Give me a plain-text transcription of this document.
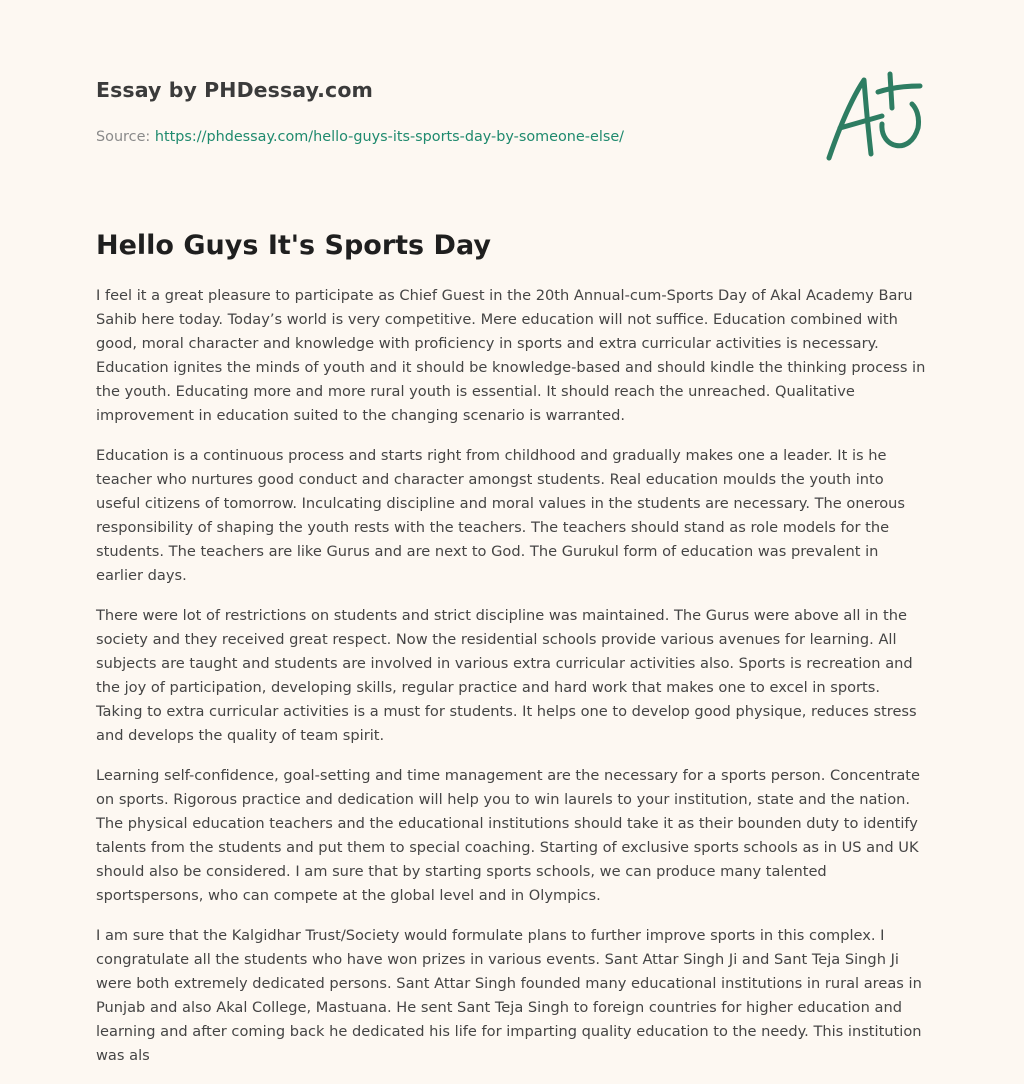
Essay by PHDessay.com
Source: https://phdessay.com/hello-guys-its-sports-day-by-someone-else/
Hello Guys It's Sports Day

I feel it a great pleasure to participate as Chief Guest in the 20th Annual-cum-Sports Day of Akal Academy Baru Sahib here today. Today’s world is very competitive. Mere education will not suffice. Education combined with good, moral character and knowledge with proficiency in sports and extra curricular activities is necessary. Education ignites the minds of youth and it should be knowledge-based and should kindle the thinking process in the youth. Educating more and more rural youth is essential. It should reach the unreached. Qualitative improvement in education suited to the changing scenario is warranted.

Education is a continuous process and starts right from childhood and gradually makes one a leader. It is he teacher who nurtures good conduct and character amongst students. Real education moulds the youth into useful citizens of tomorrow. Inculcating discipline and moral values in the students are necessary. The onerous responsibility of shaping the youth rests with the teachers. The teachers should stand as role models for the students. The teachers are like Gurus and are next to God. The Gurukul form of education was prevalent in earlier days.

There were lot of restrictions on students and strict discipline was maintained. The Gurus were above all in the society and they received great respect. Now the residential schools provide various avenues for learning. All subjects are taught and students are involved in various extra curricular activities also. Sports is recreation and the joy of participation, developing skills, regular practice and hard work that makes one to excel in sports. Taking to extra curricular activities is a must for students. It helps one to develop good physique, reduces stress and develops the quality of team spirit.

Learning self-confidence, goal-setting and time management are the necessary for a sports person. Concentrate on sports. Rigorous practice and dedication will help you to win laurels to your institution, state and the nation. The physical education teachers and the educational institutions should take it as their bounden duty to identify talents from the students and put them to special coaching. Starting of exclusive sports schools as in US and UK should also be considered. I am sure that by starting sports schools, we can produce many talented sportspersons, who can compete at the global level and in Olympics.

I am sure that the Kalgidhar Trust/Society would formulate plans to further improve sports in this complex. I congratulate all the students who have won prizes in various events. Sant Attar Singh Ji and Sant Teja Singh Ji were both extremely dedicated persons. Sant Attar Singh founded many educational institutions in rural areas in Punjab and also Akal College, Mastuana. He sent Sant Teja Singh to foreign countries for higher education and learning and after coming back he dedicated his life for imparting quality education to the needy. This institution was als
